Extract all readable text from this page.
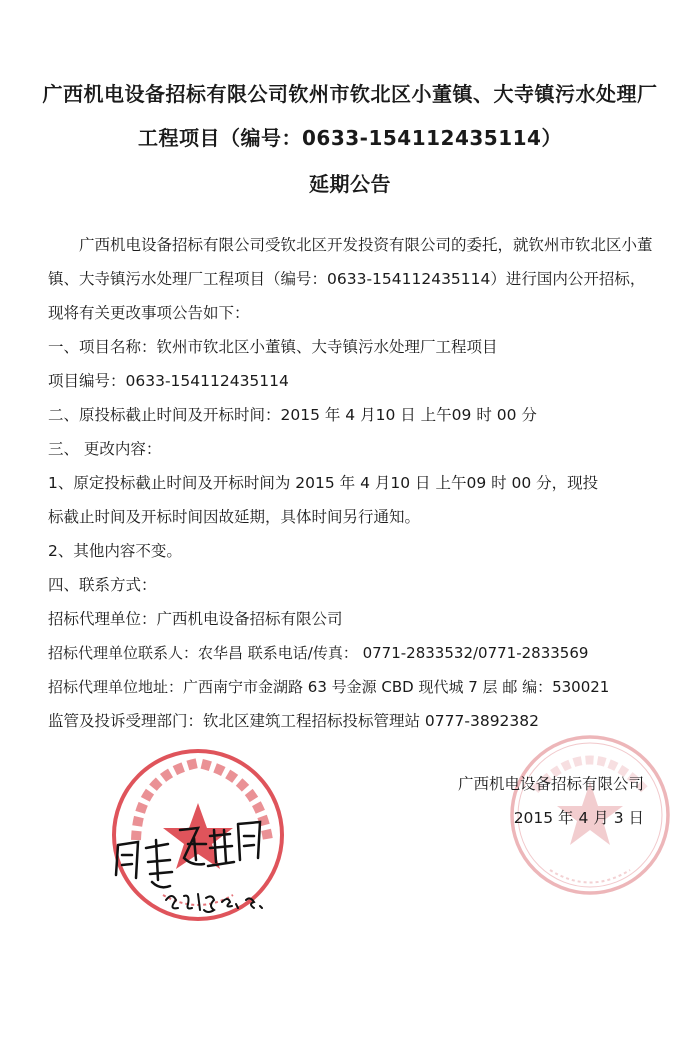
广西机电设备招标有限公司钦州市钦北区小董镇、大寺镇污水处理厂
工程项目（编号：0633-154112435114）
延期公告
广西机电设备招标有限公司受钦北区开发投资有限公司的委托，就钦州市钦北区小董镇、大寺镇污水处理厂工程项目（编号：0633-154112435114）进行国内公开招标，现将有关更改事项公告如下：
一、项目名称：钦州市钦北区小董镇、大寺镇污水处理厂工程项目
项目编号：0633-154112435114
二、原投标截止时间及开标时间：2015 年 4 月10 日 上午09 时 00 分
三、 更改内容：
1、原定投标截止时间及开标时间为 2015 年 4 月10 日 上午09 时 00 分，现投
标截止时间及开标时间因故延期，具体时间另行通知。
2、其他内容不变。
四、联系方式：
招标代理单位：广西机电设备招标有限公司
招标代理单位联系人：农华昌 联系电话/传真： 0771-2833532/0771-2833569
招标代理单位地址：广西南宁市金湖路 63 号金源 CBD 现代城 7 层 邮 编：530021
监管及投诉受理部门：钦北区建筑工程招标投标管理站 0777-3892382
广西机电设备招标有限公司
2015 年 4 月 3 日
